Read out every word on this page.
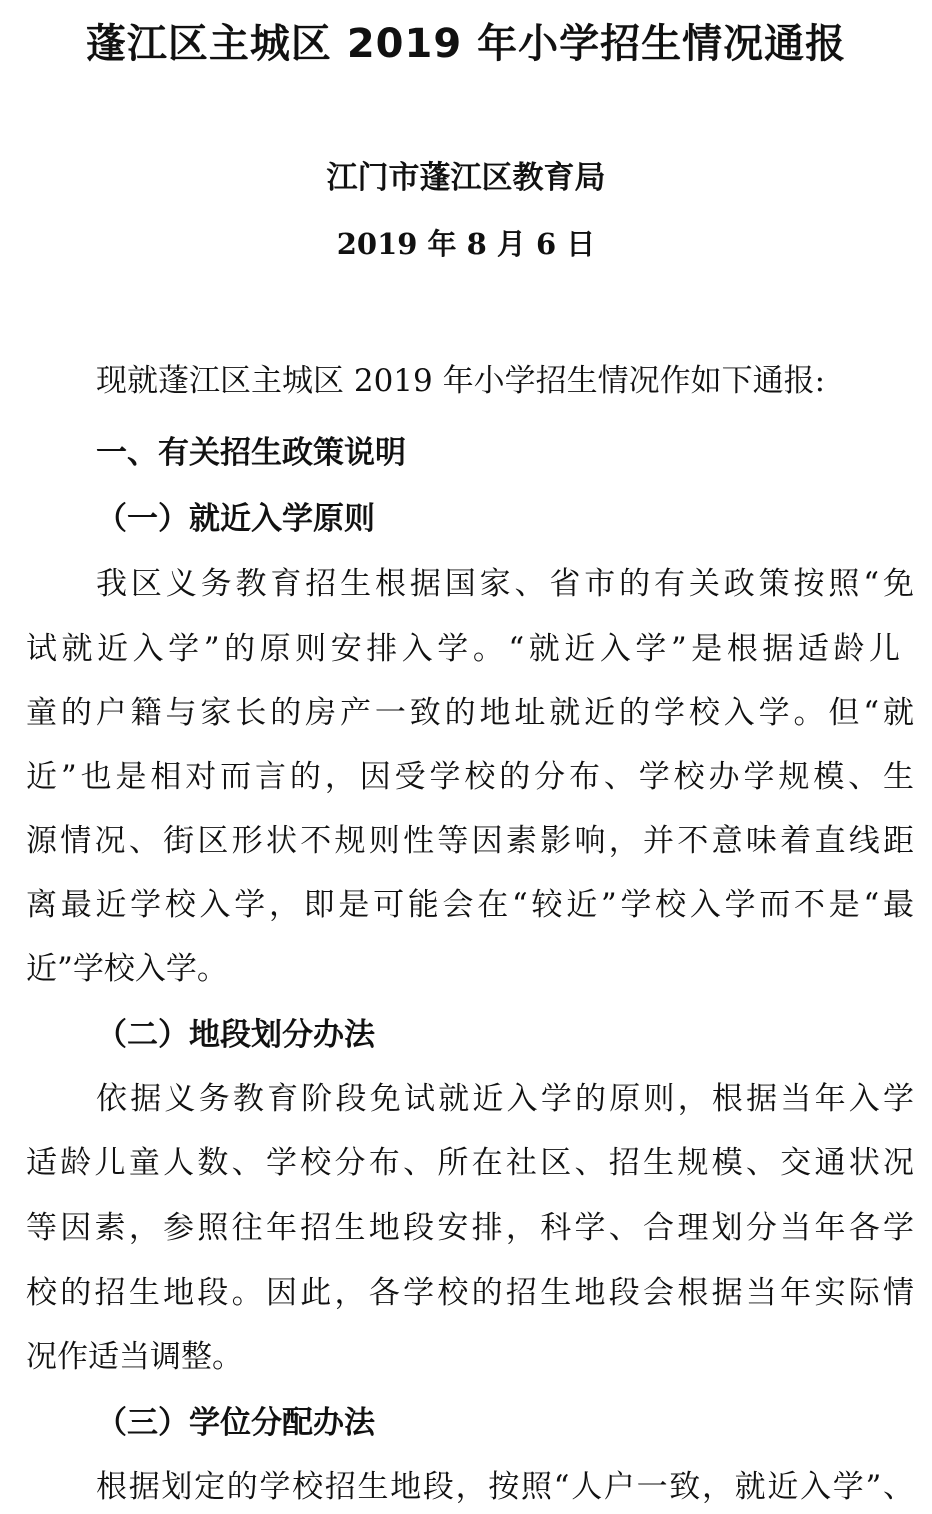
蓬江区主城区 2019 年小学招生情况通报
江门市蓬江区教育局
2019 年 8 月 6 日
现就蓬江区主城区 2019 年小学招生情况作如下通报:
一、有关招生政策说明
（一）就近入学原则
我区义务教育招生根据国家、省市的有关政策按照“免
试就近入学”的原则安排入学。“就近入学”是根据适龄儿
童的户籍与家长的房产一致的地址就近的学校入学。但“就
近”也是相对而言的，因受学校的分布、学校办学规模、生
源情况、街区形状不规则性等因素影响，并不意味着直线距
离最近学校入学，即是可能会在“较近”学校入学而不是“最
近”学校入学。
（二）地段划分办法
依据义务教育阶段免试就近入学的原则，根据当年入学
适龄儿童人数、学校分布、所在社区、招生规模、交通状况
等因素，参照往年招生地段安排，科学、合理划分当年各学
校的招生地段。因此，各学校的招生地段会根据当年实际情
况作适当调整。
（三）学位分配办法
根据划定的学校招生地段，按照“人户一致，就近入学”、
